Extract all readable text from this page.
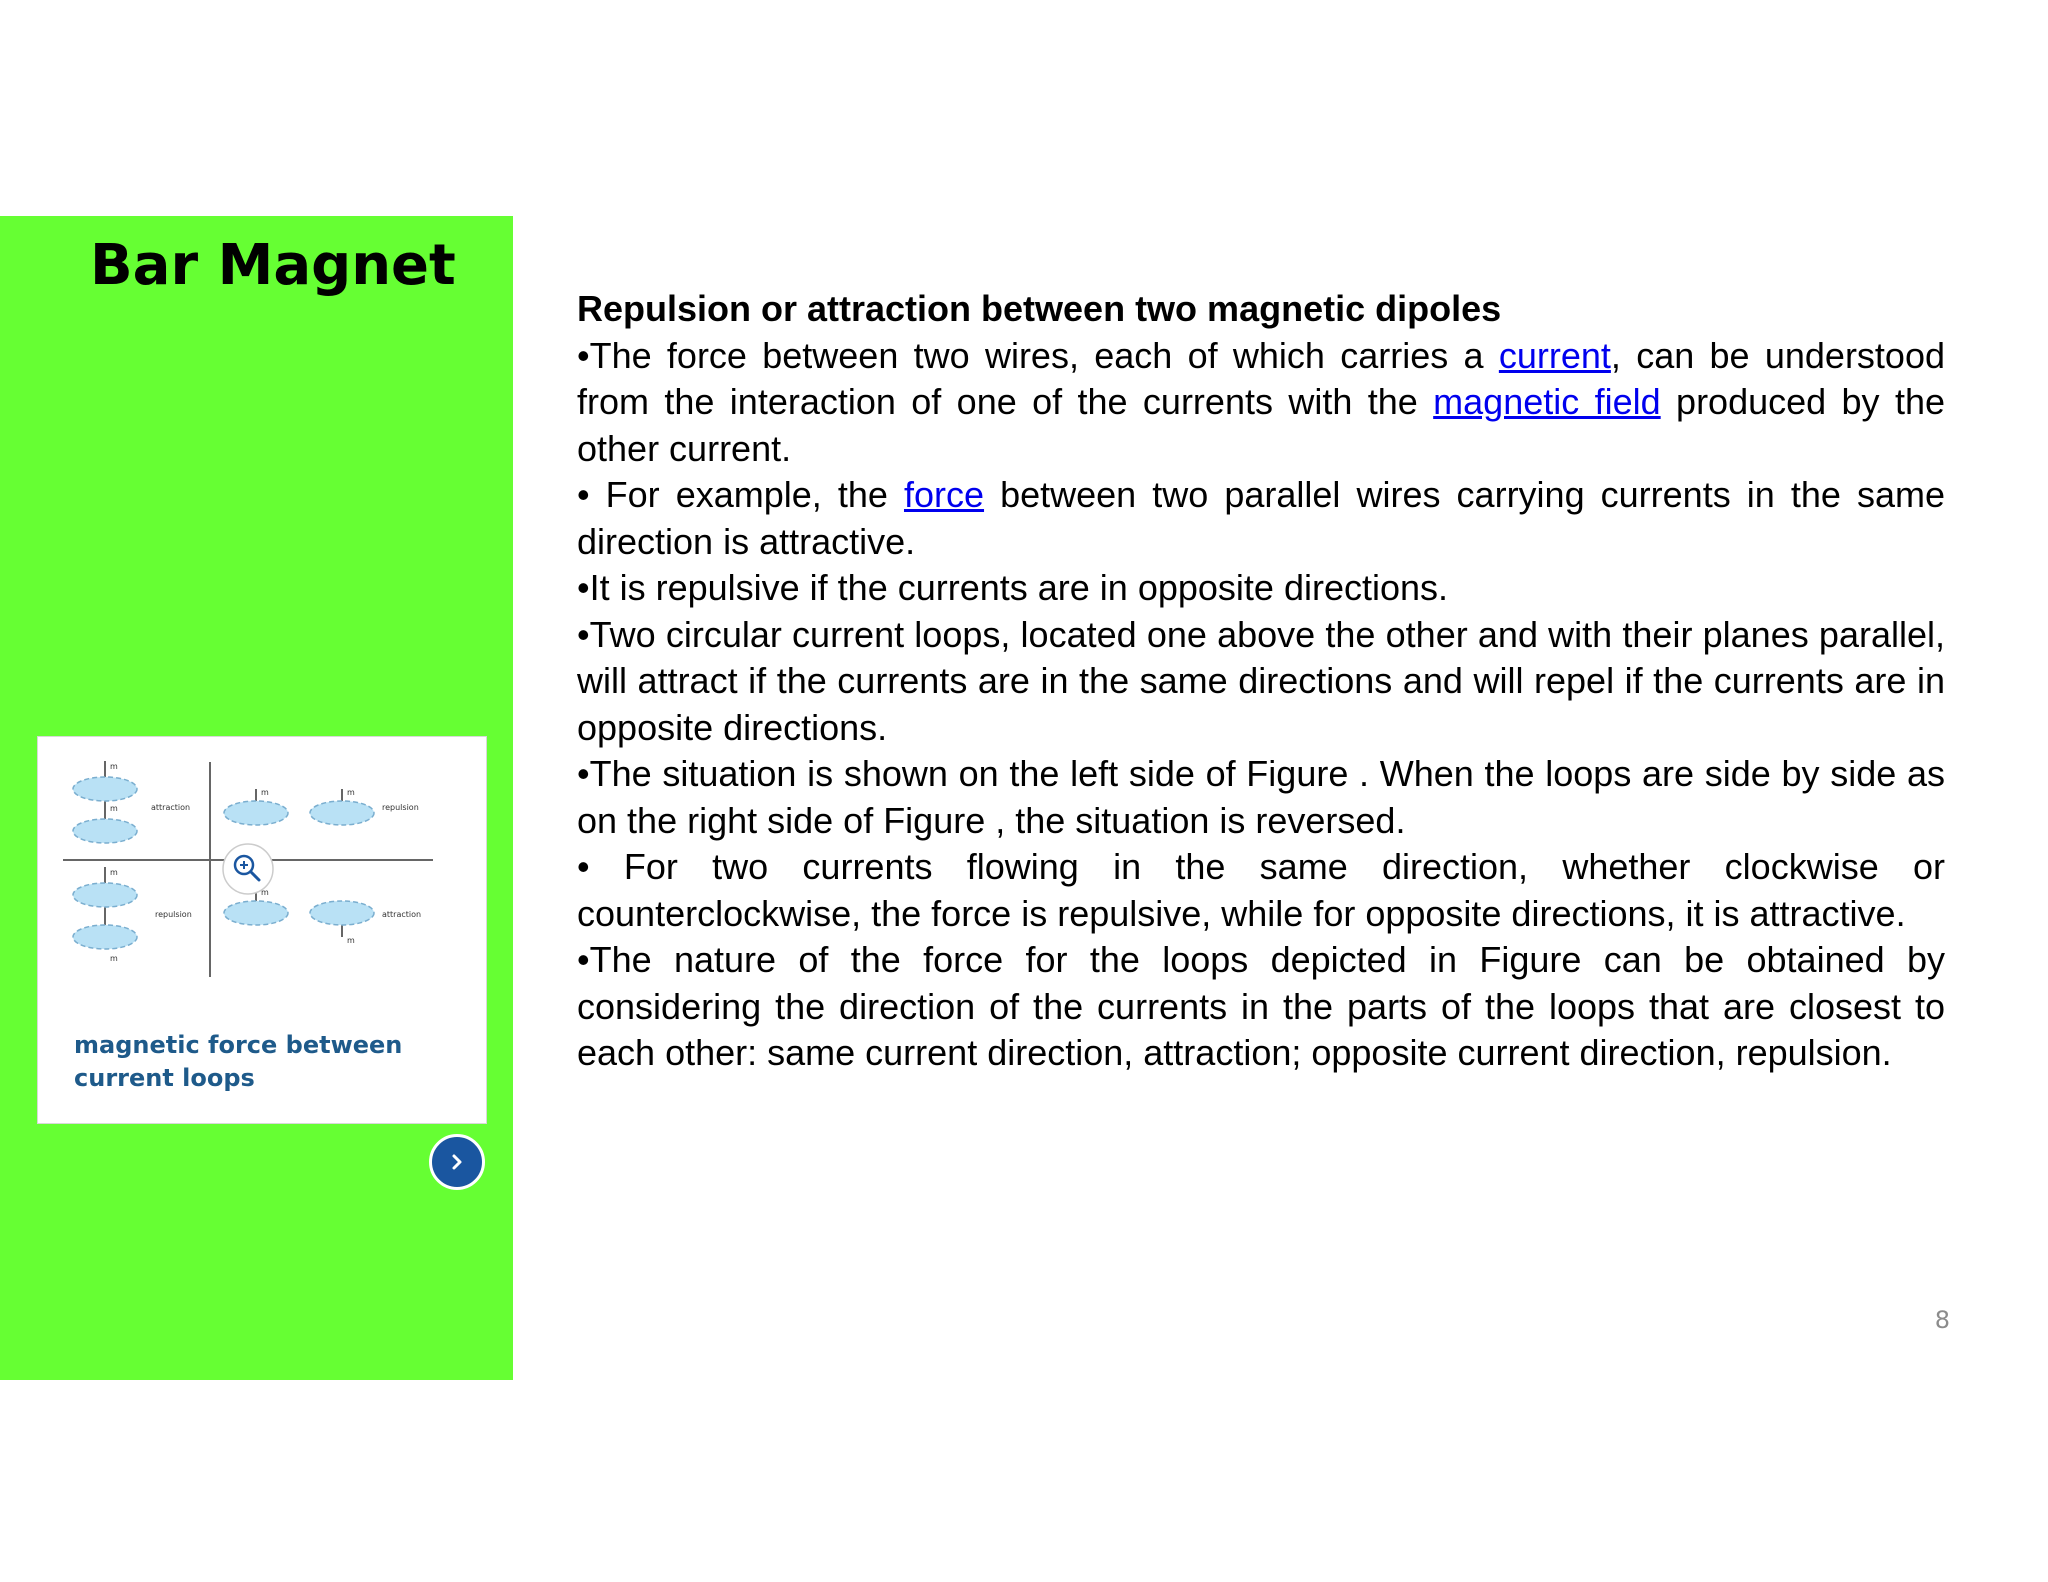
Bar Magnet
m
m	attraction
m	m
repulsion
m
m
repulsion
m
m
attraction

magnetic force between current loops

Repulsion or attraction between two magnetic dipoles

•The force between two wires, each of which carries a current, can be understood from the interaction of one of the currents with the magnetic field produced by the other current.

• For example, the force between two parallel wires carrying currents in the same direction is attractive.

•It is repulsive if the currents are in opposite directions.

•Two circular current loops, located one above the other and with their planes parallel, will attract if the currents are in the same directions and will repel if the currents are in opposite directions.

•The situation is shown on the left side of Figure . When the loops are side by side as on the right side of Figure , the situation is reversed.

• For two currents flowing in the same direction, whether clockwise or counterclockwise, the force is repulsive, while for opposite directions, it is attractive.

•The nature of the force for the loops depicted in Figure can be obtained by considering the direction of the currents in the parts of the loops that are closest to each other: same current direction, attraction; opposite current direction, repulsion.

8
